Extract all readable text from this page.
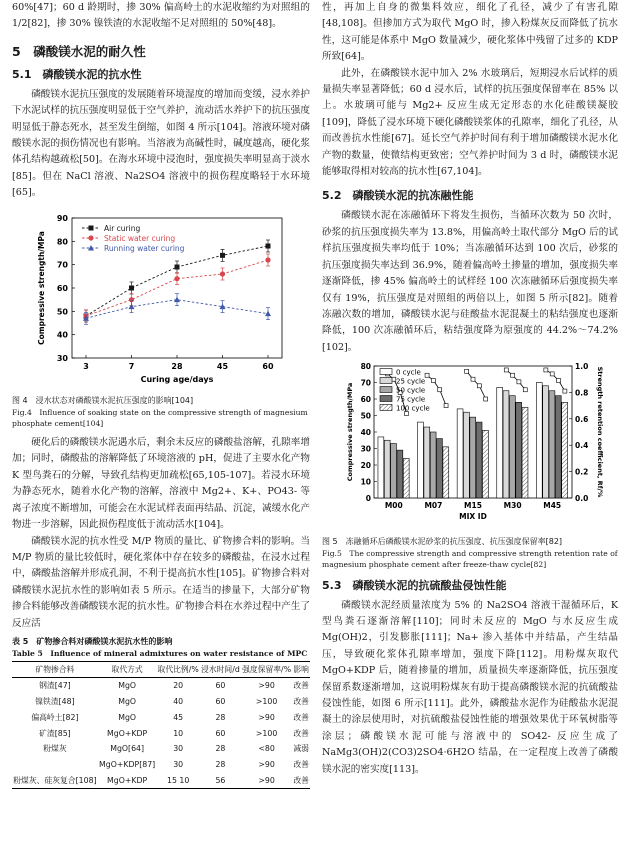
60%[47]；60 d 龄期时，掺 30% 偏高岭土的水泥收缩约为对照组的 1/2[82]，掺 30% 镍铁渣的水泥收缩不足对照组的 50%[48]。

5　磷酸镁水泥的耐久性
5.1　磷酸镁水泥的抗水性

磷酸镁水泥抗压强度的发展随着环境湿度的增加而变缓，浸水养护下水泥试样的抗压强度明显低于空气养护，流动活水养护下的抗压强度明显低于静态死水，甚至发生倒缩，如图 4 所示[104]。溶液环境对磷酸镁水泥的损伤情况也有影响。当溶液为高碱性时，碱度越高，硬化浆体孔结构越疏松[50]。在海水环境中浸泡时，强度损失率明显高于淡水[85]。但在 NaCl 溶液、Na2SO4 溶液中的损伤程度略轻于水环境[65]。

30
40
50
60
70
80
90
3	7	28	45	60
Curing age/days
Compressive strength/MPa
Air curing
Static water curing
Running water curing
图 4　浸水状态对磷酸镁水泥抗压强度的影响[104]
Fig.4　Influence of soaking state on the compressive strength of magnesium phosphate cement[104]

硬化后的磷酸镁水泥遇水后，剩余未反应的磷酸盐溶解，孔隙率增加；同时，磷酸盐的溶解降低了环境溶液的 pH，促进了主要水化产物 K 型鸟粪石的分解，导致孔结构更加疏松[65,105-107]。若浸水环境为静态死水，随着水化产物的溶解，溶液中 Mg2+、K+、PO43- 等离子浓度不断增加，可能会在水泥试样表面再结晶、沉淀，减缓水化产物进一步溶解，因此损伤程度低于流动活水[104]。

磷酸镁水泥的抗水性受 M/P 物质的量比、矿物掺合料的影响。当 M/P 物质的量比较低时，硬化浆体中存在较多的磷酸盐，在浸水过程中，磷酸盐溶解并形成孔洞，不利于提高抗水性[105]。矿物掺合料对磷酸镁水泥抗水性的影响如表 5 所示。在适当的掺量下，大部分矿物掺合料能够改善磷酸镁水泥的抗水性。矿物掺合料在水养过程中产生了反应活

表 5　矿物掺合料对磷酸镁水泥抗水性的影响
Table 5　Influence of mineral admixtures on water resistance of MPC
矿物掺合料	取代方式	取代比例/%	浸水时间/d	强度保留率/%	影响
钢渣[47]	MgO	20	60	>90	改善
镍铁渣[48]	MgO	40	60	>100	改善
偏高岭土[82]	MgO	45	28	>90	改善
矿渣[85]	MgO+KDP	10	60	>100	改善
粉煤灰	MgO[64]	30	28	<80	减弱
	MgO+KDP[87]	30	28	>90	改善
粉煤灰、硅灰复合[108]	MgO+KDP	15 10	56	>90	改善

性，再加上自身的微集料效应，细化了孔径，减少了有害孔隙[48,108]。但掺加方式为取代 MgO 时，掺入粉煤灰反而降低了抗水性，这可能是体系中 MgO 数量减少，硬化浆体中残留了过多的 KDP 所致[64]。

此外，在磷酸镁水泥中加入 2% 水玻璃后，短期浸水后试样的质量损失率显著降低；60 d 浸水后，试样的抗压强度保留率在 85% 以上。水玻璃可能与 Mg2+ 反应生成无定形态的水化硅酸镁凝胶[109]，降低了浸水环境下硬化磷酸镁浆体的孔隙率，细化了孔径，从而改善抗水性能[67]。延长空气养护时间有利于增加磷酸镁水泥水化产物的数量，使微结构更致密；空气养护时间为 3 d 时，磷酸镁水泥能够取得相对较高的抗水性[67,104]。

5.2　磷酸镁水泥的抗冻融性能

磷酸镁水泥在冻融循环下将发生损伤，当循环次数为 50 次时，砂浆的抗压强度损失率为 13.8%，用偏高岭土取代部分 MgO 后的试样抗压强度损失率均低于 10%；当冻融循环达到 100 次后，砂浆的抗压强度损失率达到 36.9%，随着偏高岭土掺量的增加，强度损失率逐渐降低，掺 45% 偏高岭土的试样经 100 次冻融循环后强度损失率仅有 19%，抗压强度是对照组的两倍以上，如图 5 所示[82]。随着冻融次数的增加，磷酸镁水泥与硅酸盐水泥混凝土的粘结强度也逐渐降低，100 次冻融循环后，粘结强度降为原强度的 44.2%～74.2%[102]。

0
10
20
30
40
50
60
70
80
0.0
0.2
0.4
0.6
0.8
1.0
M00	M07	M15	M30	M45
MIX ID
Compressive strength/MPa	Strength retention coefficient, Rf/%
0 cycle
25 cycle
50 cycle
75 cycle
100 cycle
图 5　冻融循环后磷酸镁水泥砂浆的抗压强度、抗压强度保留率[82]
Fig.5　The compressive strength and compressive strength retention rate of magnesium phosphate cement after freeze-thaw cycle[82]
5.3　磷酸镁水泥的抗硫酸盐侵蚀性能

磷酸镁水泥经质量浓度为 5% 的 Na2SO4 溶液干湿循环后，K 型鸟粪石逐渐溶解[110]；同时未反应的 MgO 与水反应生成 Mg(OH)2，引发膨胀[111]；Na+ 渗入基体中并结晶，产生结晶压，导致硬化浆体孔隙率增加，强度下降[112]。用粉煤灰取代 MgO+KDP 后，随着掺量的增加，质量损失率逐渐降低，抗压强度保留系数逐渐增加，这说明粉煤灰有助于提高磷酸镁水泥的抗硫酸盐侵蚀性能，如图 6 所示[111]。此外，磷酸盐水泥作为硅酸盐水泥混凝土的涂层使用时，对抗硫酸盐侵蚀性能的增强效果优于环氧树脂等涂层；磷酸镁水泥可能与溶液中的 SO42- 反应生成了 NaMg3(OH)2(CO3)2SO4·6H2O 结晶，在一定程度上改善了磷酸镁水泥的密实度[113]。
